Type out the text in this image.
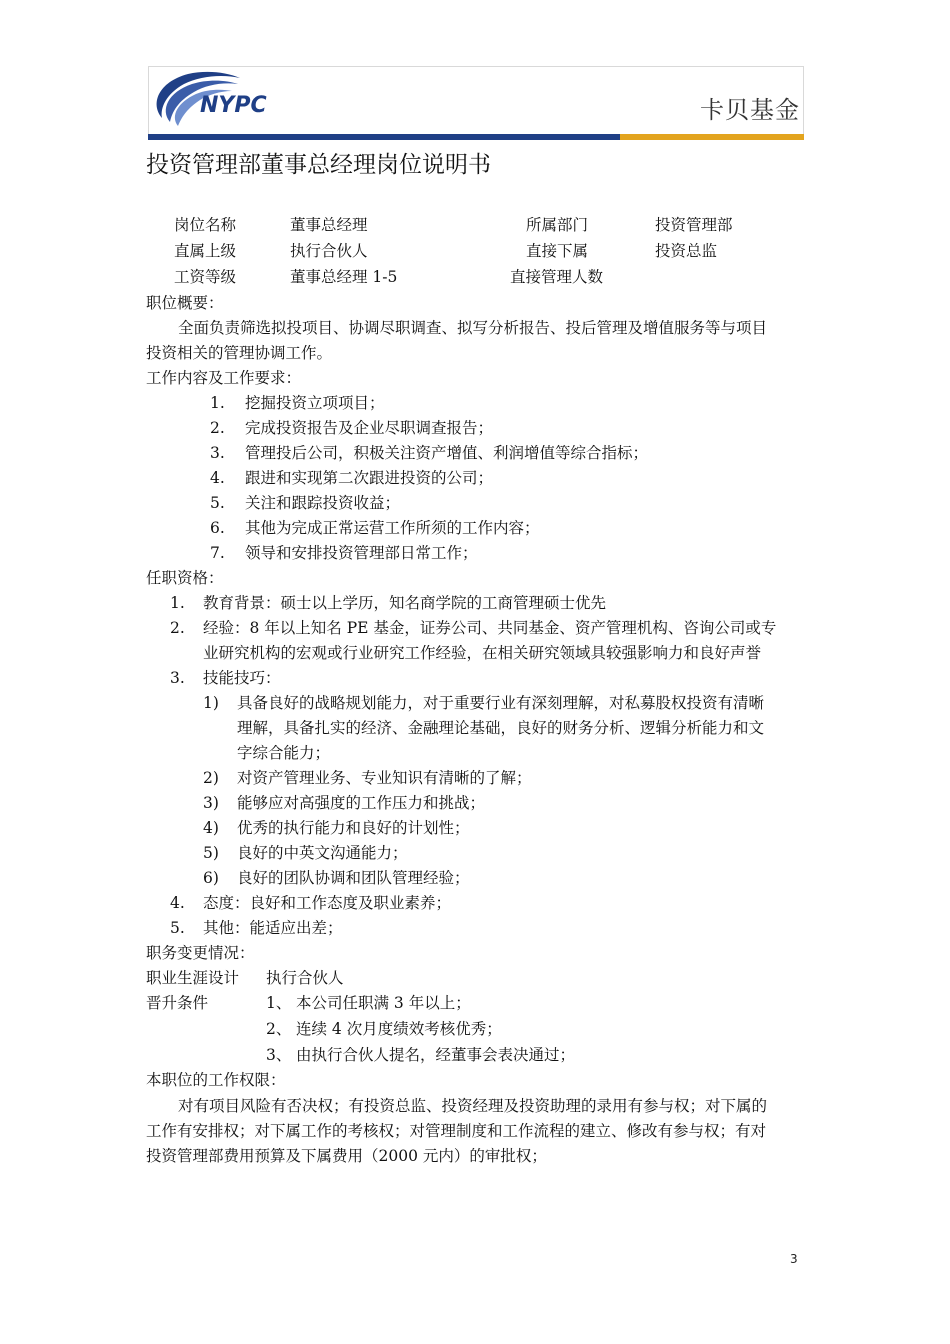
NYPC	卡贝基金
投资管理部董事总经理岗位说明书
岗位名称	董事总经理	所属部门	投资管理部
直属上级	执行合伙人	直接下属	投资总监
工资等级	董事总经理 1-5	直接管理人数
职位概要：
全面负责筛选拟投项目、协调尽职调查、拟写分析报告、投后管理及增值服务等与项目
投资相关的管理协调工作。
工作内容及工作要求：
1. 挖掘投资立项项目；
2. 完成投资报告及企业尽职调查报告；
3. 管理投后公司，积极关注资产增值、利润增值等综合指标；
4. 跟进和实现第二次跟进投资的公司；
5. 关注和跟踪投资收益；
6. 其他为完成正常运营工作所须的工作内容；
7. 领导和安排投资管理部日常工作；
任职资格：
1. 教育背景：硕士以上学历，知名商学院的工商管理硕士优先
2. 经验：8 年以上知名 PE 基金，证券公司、共同基金、资产管理机构、咨询公司或专
业研究机构的宏观或行业研究工作经验，在相关研究领域具较强影响力和良好声誉
3. 技能技巧：
1) 具备良好的战略规划能力，对于重要行业有深刻理解，对私募股权投资有清晰
理解，具备扎实的经济、金融理论基础，良好的财务分析、逻辑分析能力和文
字综合能力；
2) 对资产管理业务、专业知识有清晰的了解；
3) 能够应对高强度的工作压力和挑战；
4) 优秀的执行能力和良好的计划性；
5) 良好的中英文沟通能力；
6) 良好的团队协调和团队管理经验；
4. 态度：良好和工作态度及职业素养；
5. 其他：能适应出差；
职务变更情况：
职业生涯设计 执行合伙人
晋升条件	1、 本公司任职满 3 年以上；
2、 连续 4 次月度绩效考核优秀；
3、 由执行合伙人提名，经董事会表决通过；
本职位的工作权限：
对有项目风险有否决权；有投资总监、投资经理及投资助理的录用有参与权；对下属的
工作有安排权；对下属工作的考核权；对管理制度和工作流程的建立、修改有参与权；有对
投资管理部费用预算及下属费用（2000 元内）的审批权；
3
